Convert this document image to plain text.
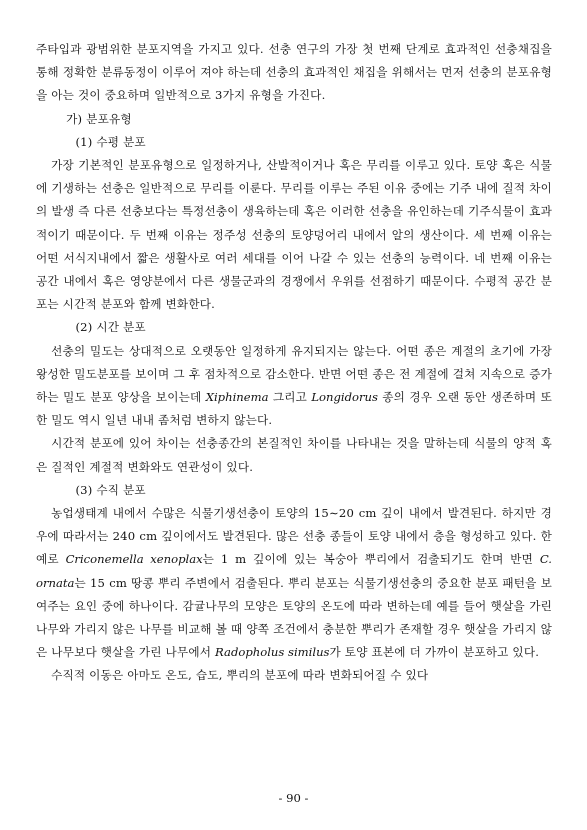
주타입과 광범위한 분포지역을 가지고 있다. 선충 연구의 가장 첫 번째 단계로 효과적인 선충채집을 통해 정확한 분류동정이 이루어 져야 하는데 선충의 효과적인 채집을 위해서는 먼저 선충의 분포유형을 아는 것이 중요하며 일반적으로 3가지 유형을 가진다.

가) 분포유형

(1) 수평 분포

가장 기본적인 분포유형으로 일정하거나, 산발적이거나 혹은 무리를 이루고 있다. 토양 혹은 식물에 기생하는 선충은 일반적으로 무리를 이룬다. 무리를 이루는 주된 이유 중에는 기주 내에 질적 차이의 발생 즉 다른 선충보다는 특정선충이 생육하는데 혹은 이러한 선충을 유인하는데 기주식물이 효과적이기 때문이다. 두 번째 이유는 정주성 선충의 토양덩어리 내에서 알의 생산이다. 세 번째 이유는 어떤 서식지내에서 짧은 생활사로 여러 세대를 이어 나갈 수 있는 선충의 능력이다. 네 번째 이유는 공간 내에서 혹은 영양분에서 다른 생물군과의 경쟁에서 우위를 선점하기 때문이다. 수평적 공간 분포는 시간적 분포와 함께 변화한다.

(2) 시간 분포

선충의 밀도는 상대적으로 오랫동안 일정하게 유지되지는 않는다. 어떤 종은 계절의 초기에 가장 왕성한 밀도분포를 보이며 그 후 점차적으로 감소한다. 반면 어떤 종은 전 계절에 걸쳐 지속으로 증가하는 밀도 분포 양상을 보이는데 Xiphinema 그리고 Longidorus 종의 경우 오랜 동안 생존하며 또한 밀도 역시 일년 내내 좀처럼 변하지 않는다.

시간적 분포에 있어 차이는 선충종간의 본질적인 차이를 나타내는 것을 말하는데 식물의 양적 혹은 질적인 계절적 변화와도 연관성이 있다.

(3) 수직 분포

농업생태계 내에서 수많은 식물기생선충이 토양의 15∼20 cm 깊이 내에서 발견된다. 하지만 경우에 따라서는 240 cm 깊이에서도 발견된다. 많은 선충 종들이 토양 내에서 층을 형성하고 있다. 한 예로 Criconemella xenoplax는 1 m 깊이에 있는 복숭아 뿌리에서 검출되기도 한며 반면 C. ornata는 15 cm 땅콩 뿌리 주변에서 검출된다. 뿌리 분포는 식물기생선충의 중요한 분포 패턴을 보여주는 요인 중에 하나이다. 감귤나무의 모양은 토양의 온도에 따라 변하는데 예를 들어 햇살을 가린 나무와 가리지 않은 나무를 비교해 볼 때 양쪽 조건에서 충분한 뿌리가 존재할 경우 햇살을 가리지 않은 나무보다 햇살을 가린 나무에서 Radopholus similus가 토양 표본에 더 가까이 분포하고 있다.

수직적 이동은 아마도 온도, 습도, 뿌리의 분포에 따라 변화되어질 수 있다

- 90 -
